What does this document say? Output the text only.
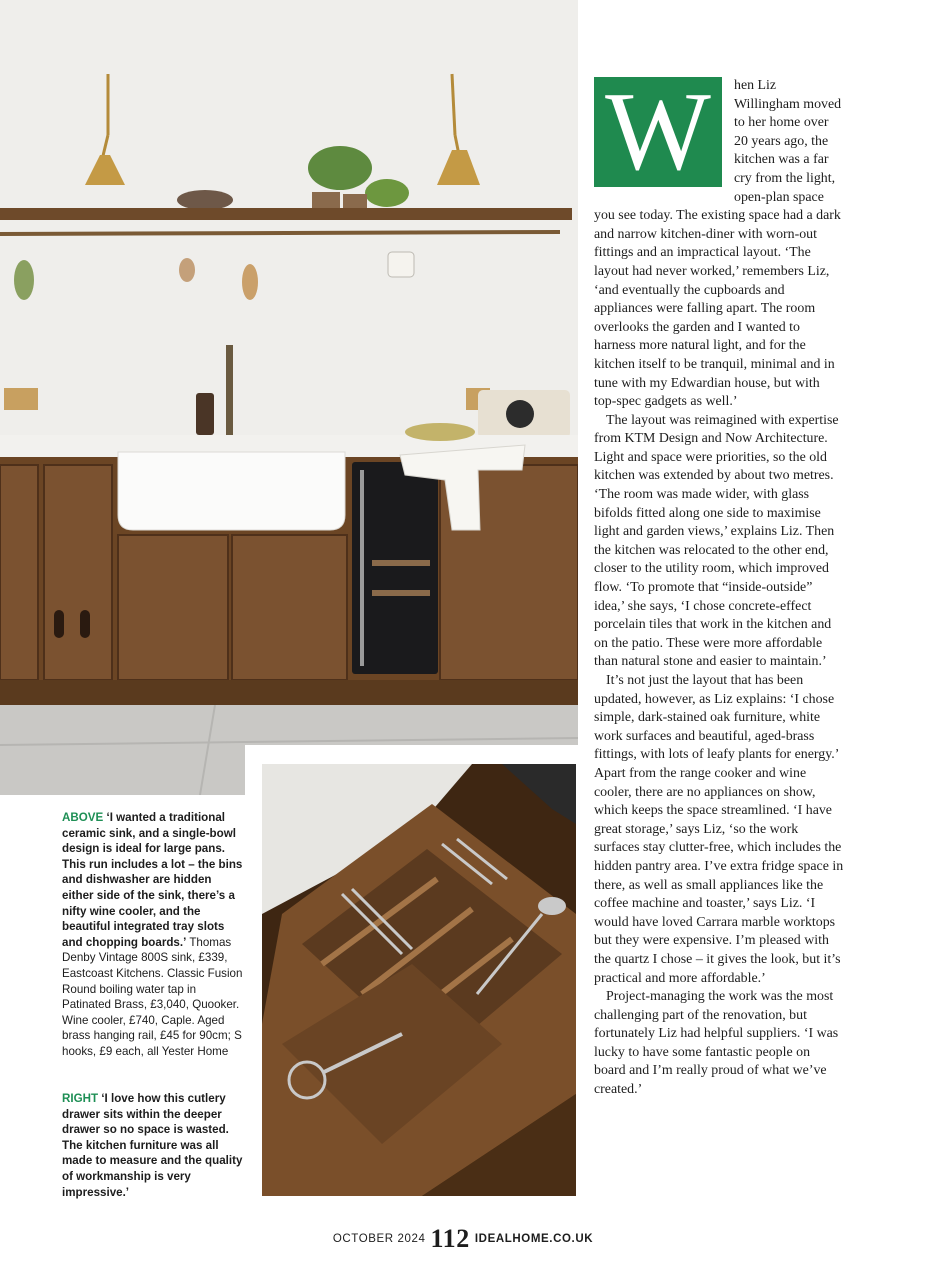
ABOVE ‘I wanted a traditional ceramic sink, and a single-bowl design is ideal for large pans. This run includes a lot – the bins and dishwasher are hidden either side of the sink, there’s a nifty wine cooler, and the beautiful integrated tray slots and chopping boards.’ Thomas Denby Vintage 800S sink, £339, Eastcoast Kitchens. Classic Fusion Round boiling water tap in Patinated Brass, £3,040, Quooker. Wine cooler, £740, Caple. Aged brass hanging rail, £45 for 90cm; S hooks, £9 each, all Yester Home
RIGHT ‘I love how this cutlery drawer sits within the deeper drawer so no space is wasted. The kitchen furniture was all made to measure and the quality of workmanship is very impressive.’

W	hen Liz Willingham moved to her home over 20 years ago, the kitchen was a far cry from the light, open-plan space you see today. The existing space had a dark and narrow kitchen-diner with worn-out fittings and an impractical layout. ‘The layout had never worked,’ remembers Liz, ‘and eventually the cupboards and appliances were falling apart. The room overlooks the garden and I wanted to harness more natural light, and for the kitchen itself to be tranquil, minimal and in tune with my Edwardian house, but with top-spec gadgets as well.’

The layout was reimagined with expertise from KTM Design and Now Architecture. Light and space were priorities, so the old kitchen was extended by about two metres. ‘The room was made wider, with glass bifolds fitted along one side to maximise light and garden views,’ explains Liz. Then the kitchen was relocated to the other end, closer to the utility room, which improved flow. ‘To promote that “inside-outside” idea,’ she says, ‘I chose concrete-effect porcelain tiles that work in the kitchen and on the patio. These were more affordable than natural stone and easier to maintain.’

It’s not just the layout that has been updated, however, as Liz explains: ‘I chose simple, dark-stained oak furniture, white work surfaces and beautiful, aged-brass fittings, with lots of leafy plants for energy.’ Apart from the range cooker and wine cooler, there are no appliances on show, which keeps the space streamlined. ‘I have great storage,’ says Liz, ‘so the work surfaces stay clutter-free, which includes the hidden pantry area. I’ve extra fridge space in there, as well as small appliances like the coffee machine and toaster,’ says Liz. ‘I would have loved Carrara marble worktops but they were expensive. I’m pleased with the quartz I chose – it gives the look, but it’s practical and more affordable.’

Project-managing the work was the most challenging part of the renovation, but fortunately Liz had helpful suppliers. ‘I was lucky to have some fantastic people on board and I’m really proud of what we’ve created.’

OCTOBER 2024 112 IDEALHOME.CO.UK
